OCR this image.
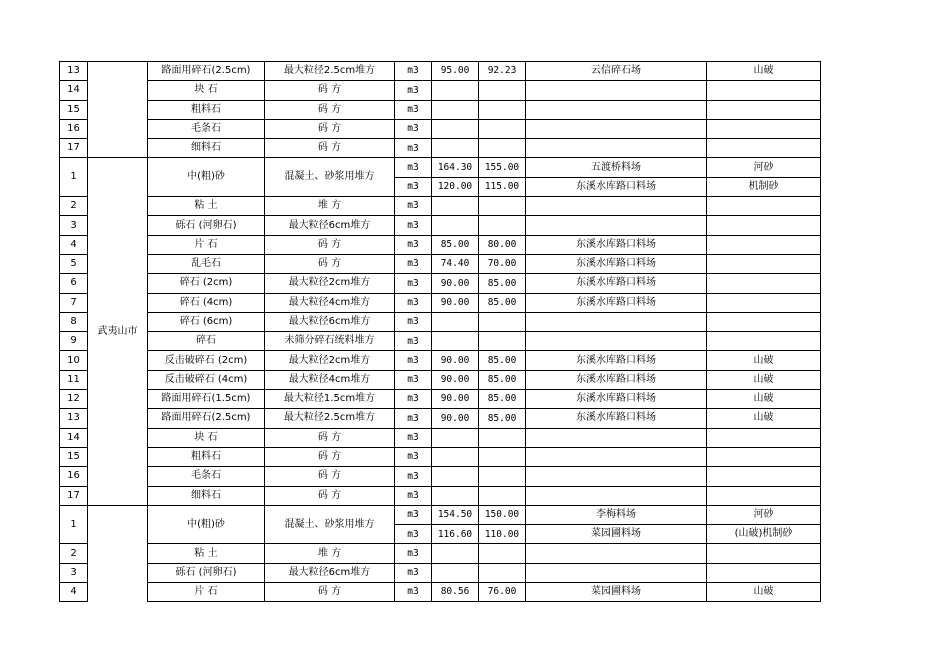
13		路面用碎石(2.5cm)	最大粒径2.5cm堆方	m3	95.00	92.23	云信碎石场	山破
14		块 石	码 方	m3				
15		粗料石	码 方	m3				
16		毛条石	码 方	m3				
17		细料石	码 方	m3				
1	武夷山市	中(粗)砂	混凝土、砂浆用堆方	m3	164.30	155.00	五渡桥料场	河砂
				m3	120.00	115.00	东溪水库路口料场	机制砂
2		粘 土	堆 方	m3				
3		砾石 (河卵石)	最大粒径6cm堆方	m3				
4		片 石	码 方	m3	85.00	80.00	东溪水库路口料场	
5		乱毛石	码 方	m3	74.40	70.00	东溪水库路口料场	
6		碎石 (2cm)	最大粒径2cm堆方	m3	90.00	85.00	东溪水库路口料场	
7		碎石 (4cm)	最大粒径4cm堆方	m3	90.00	85.00	东溪水库路口料场	
8		碎石 (6cm)	最大粒径6cm堆方	m3				
9		碎石	未筛分碎石统料堆方	m3				
10		反击破碎石 (2cm)	最大粒径2cm堆方	m3	90.00	85.00	东溪水库路口料场	山破
11		反击破碎石 (4cm)	最大粒径4cm堆方	m3	90.00	85.00	东溪水库路口料场	山破
12		路面用碎石(1.5cm)	最大粒径1.5cm堆方	m3	90.00	85.00	东溪水库路口料场	山破
13		路面用碎石(2.5cm)	最大粒径2.5cm堆方	m3	90.00	85.00	东溪水库路口料场	山破
14		块 石	码 方	m3				
15		粗料石	码 方	m3				
16		毛条石	码 方	m3				
17		细料石	码 方	m3				
1		中(粗)砂	混凝土、砂浆用堆方	m3	154.50	150.00	李梅料场	河砂
				m3	116.60	110.00	菜园圃料场	(山破)机制砂
2		粘 土	堆 方	m3				
3		砾石 (河卵石)	最大粒径6cm堆方	m3				
4		片 石	码 方	m3	80.56	76.00	菜园圃料场	山破
